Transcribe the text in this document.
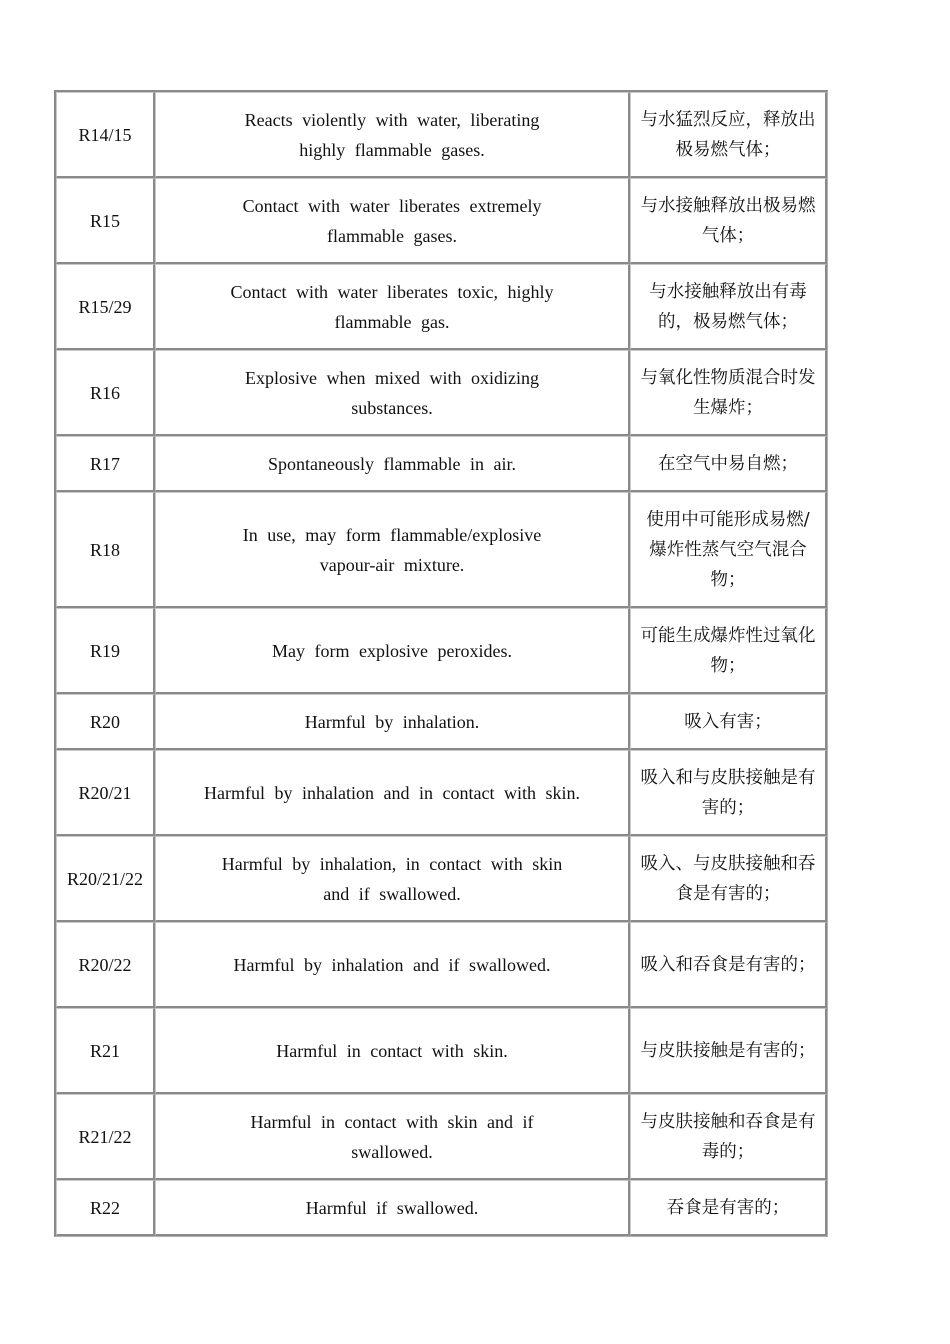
R14/15	Reacts violently with water, liberating highly flammable gases.	与水猛烈反应，释放出极易燃气体；
R15	Contact with water liberates extremely flammable gases.	与水接触释放出极易燃气体；
R15/29	Contact with water liberates toxic, highly flammable gas.	与水接触释放出有毒的，极易燃气体；
R16	Explosive when mixed with oxidizing substances.	与氧化性物质混合时发生爆炸；
R17	Spontaneously flammable in air.	在空气中易自燃；
R18	In use, may form flammable/explosive vapour-air mixture.	使用中可能形成易燃/爆炸性蒸气空气混合物；
R19	May form explosive peroxides.	可能生成爆炸性过氧化物；
R20	Harmful by inhalation.	吸入有害；
R20/21	Harmful by inhalation and in contact with skin.	吸入和与皮肤接触是有害的；
R20/21/22	Harmful by inhalation, in contact with skin and if swallowed.	吸入、与皮肤接触和吞食是有害的；
R20/22	Harmful by inhalation and if swallowed.	吸入和吞食是有害的；
R21	Harmful in contact with skin.	与皮肤接触是有害的；
R21/22	Harmful in contact with skin and if swallowed.	与皮肤接触和吞食是有毒的；
R22	Harmful if swallowed.	吞食是有害的；
